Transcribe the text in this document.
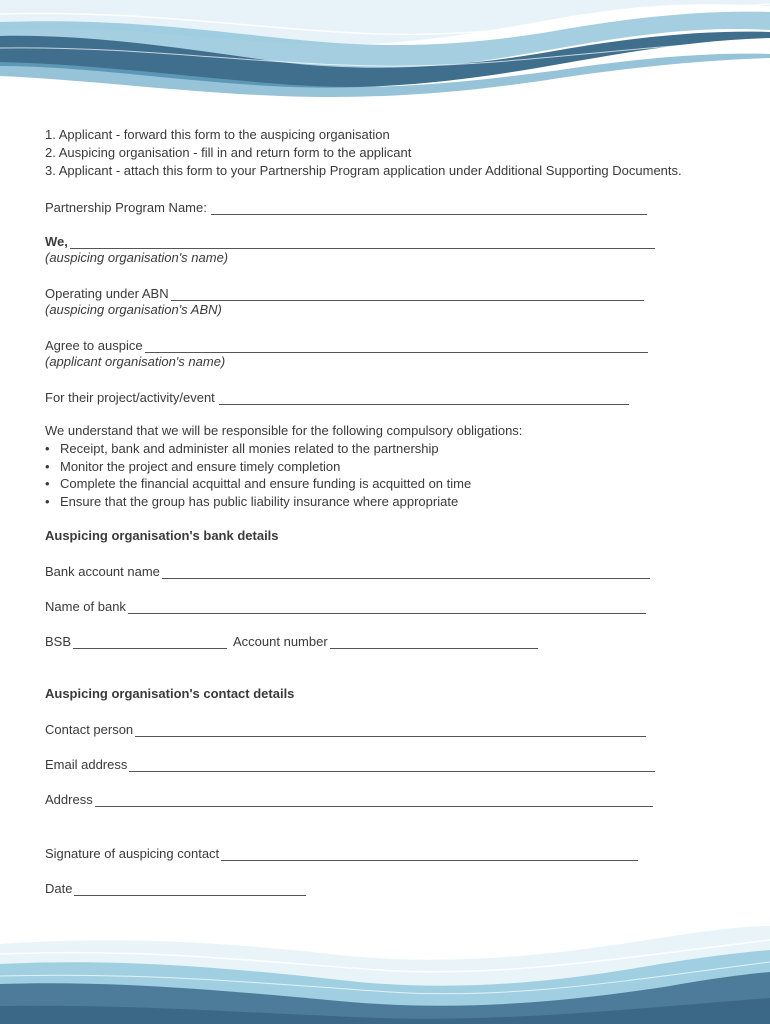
1. Applicant - forward this form to the auspicing organisation

2. Auspicing organisation - fill in and return form to the applicant

3. Applicant - attach this form to your Partnership Program application under Additional Supporting Documents.

Partnership Program Name:
We,

(auspicing organisation's name)

Operating under ABN

(auspicing organisation's ABN)

Agree to auspice

(applicant organisation's name)

For their project/activity/event

We understand that we will be responsible for the following compulsory obligations:

• Receipt, bank and administer all monies related to the partnership
• Monitor the project and ensure timely completion
• Complete the financial acquittal and ensure funding is acquitted on time
• Ensure that the group has public liability insurance where appropriate

Auspicing organisation's bank details

Bank account name
Name of bank
BSB	Account number

Auspicing organisation's contact details

Contact person
Email address
Address
Signature of auspicing contact
Date
